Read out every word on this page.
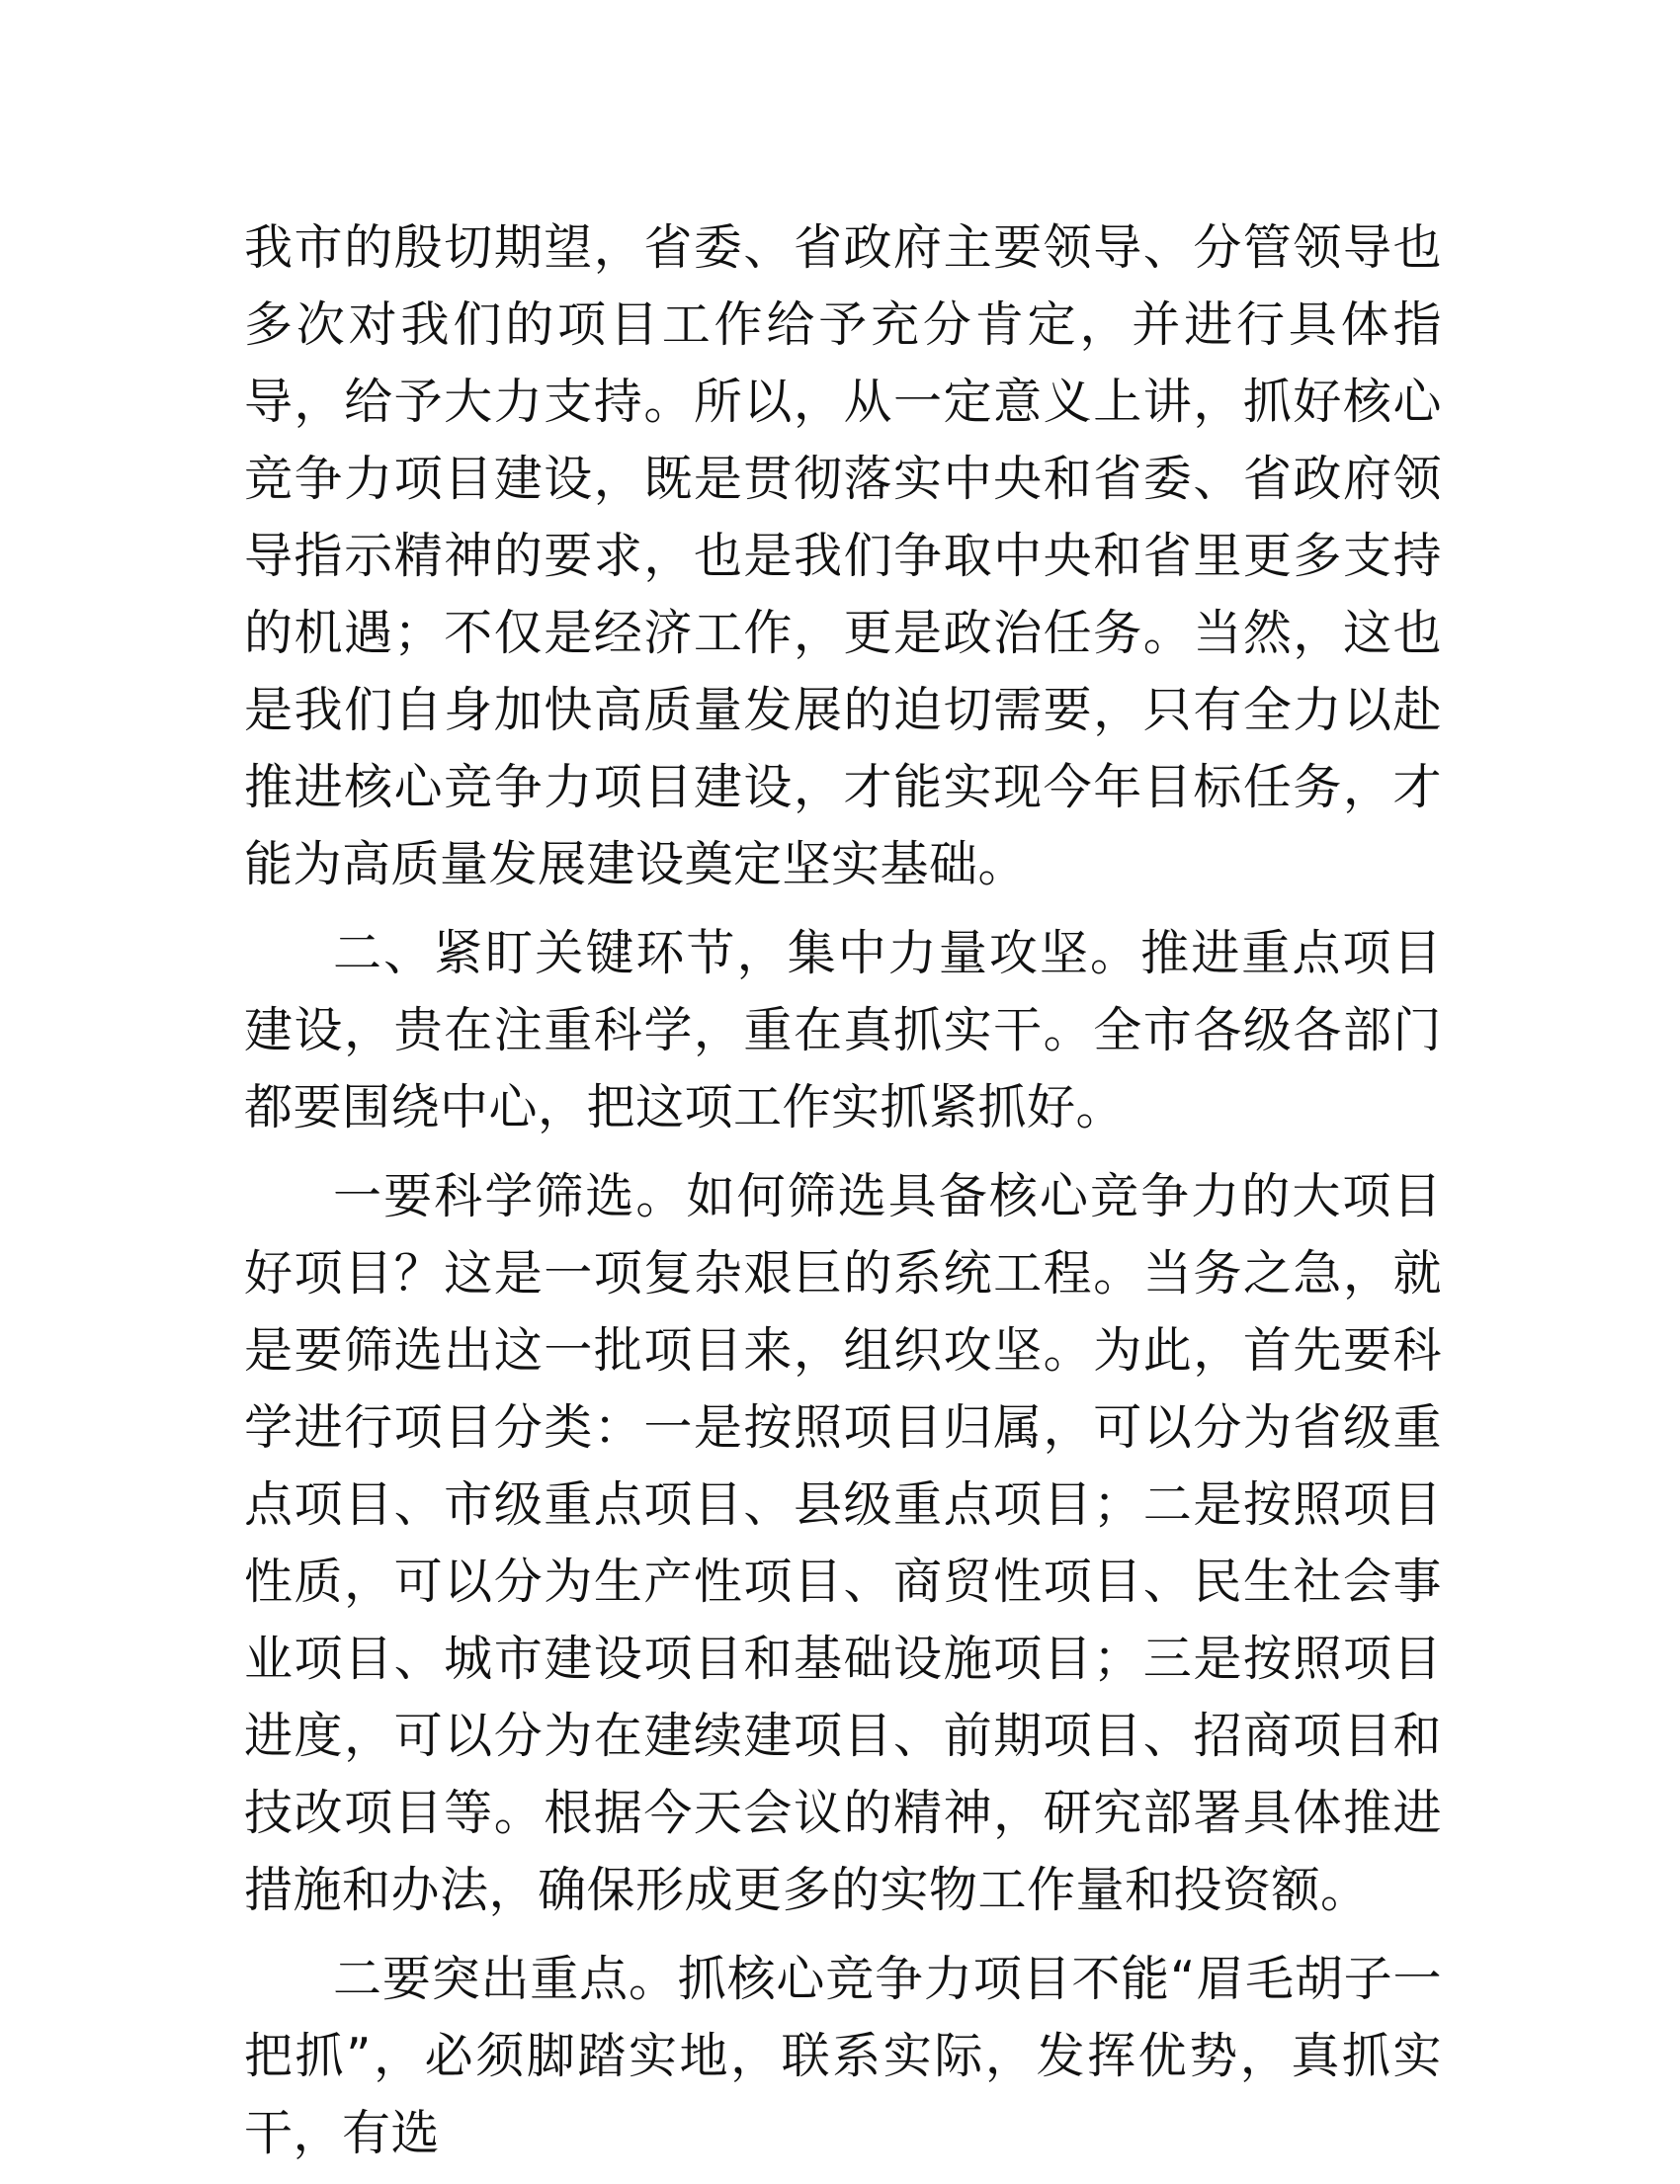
我市的殷切期望，省委、省政府主要领导、分管领导也多次对我们的项目工作给予充分肯定，并进行具体指导，给予大力支持。所以，从一定意义上讲，抓好核心竞争力项目建设，既是贯彻落实中央和省委、省政府领导指示精神的要求，也是我们争取中央和省里更多支持的机遇；不仅是经济工作，更是政治任务。当然，这也是我们自身加快高质量发展的迫切需要，只有全力以赴推进核心竞争力项目建设，才能实现今年目标任务，才能为高质量发展建设奠定坚实基础。

二、紧盯关键环节，集中力量攻坚。推进重点项目建设，贵在注重科学，重在真抓实干。全市各级各部门都要围绕中心，把这项工作实抓紧抓好。

一要科学筛选。如何筛选具备核心竞争力的大项目好项目？这是一项复杂艰巨的系统工程。当务之急，就是要筛选出这一批项目来，组织攻坚。为此，首先要科学进行项目分类：一是按照项目归属，可以分为省级重点项目、市级重点项目、县级重点项目；二是按照项目性质，可以分为生产性项目、商贸性项目、民生社会事业项目、城市建设项目和基础设施项目；三是按照项目进度，可以分为在建续建项目、前期项目、招商项目和技改项目等。根据今天会议的精神，研究部署具体推进措施和办法，确保形成更多的实物工作量和投资额。

二要突出重点。抓核心竞争力项目不能“眉毛胡子一把抓”，必须脚踏实地，联系实际，发挥优势，真抓实干，有选
